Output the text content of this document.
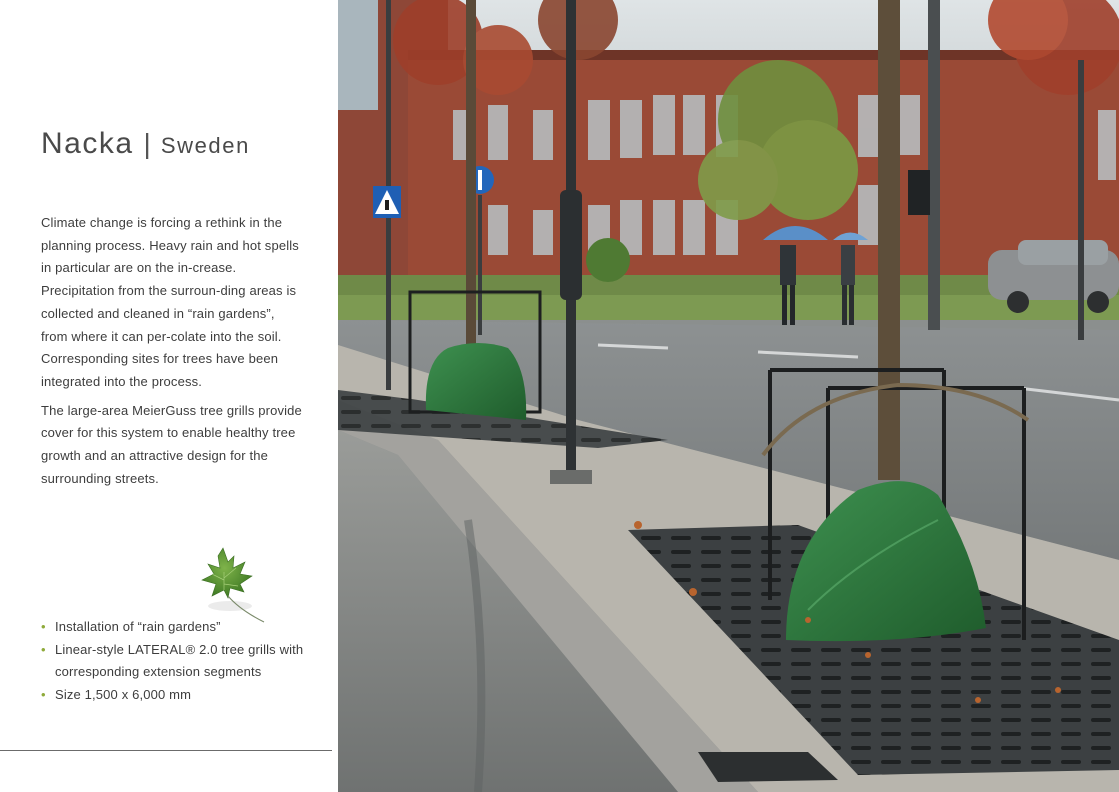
Nacka | Sweden

Climate change is forcing a rethink in the planning process. Heavy rain and hot spells in particular are on the in-crease. Precipitation from the surroun-ding areas is collected and cleaned in “rain gardens”, from where it can per-colate into the soil. Corresponding sites for trees have been integrated into the process.

The large-area MeierGuss tree grills provide cover for this system to enable healthy tree growth and an attractive design for the surrounding streets.

• Installation of “rain gardens”
• Linear-style LATERAL® 2.0 tree grills with corresponding extension segments
• Size 1,500 x 6,000 mm
